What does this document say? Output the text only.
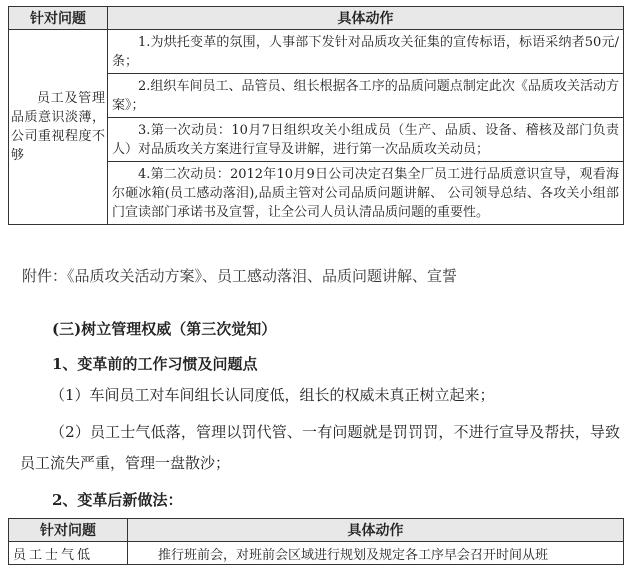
针对问题	具体动作
员工及管理品质意识淡薄，公司重视程度不够	1.为烘托变革的氛围，人事部下发针对品质攻关征集的宣传标语，标语采纳者50元/条；
	2.组织车间员工、品管员、组长根据各工序的品质问题点制定此次《品质攻关活动方案》；
	3.第一次动员：10月7日组织攻关小组成员（生产、品质、设备、稽核及部门负责人）对品质攻关方案进行宣导及讲解，进行第一次品质攻关动员；
	4.第二次动员：2012年10月9日公司决定召集全厂员工进行品质意识宣导，观看海尔砸冰箱(员工感动落泪),品质主管对公司品质问题讲解、 公司领导总结、各攻关小组部门宣读部门承诺书及宣誓，让全公司人员认清品质问题的重要性。

附件：《品质攻关活动方案》、员工感动落泪、品质问题讲解、宣誓

(三)树立管理权威（第三次觉知）

1、变革前的工作习惯及问题点

（1）车间员工对车间组长认同度低，组长的权威未真正树立起来；

（2）员工士气低落，管理以罚代管、一有问题就是罚罚罚，不进行宣导及帮扶，导致员工流失严重，管理一盘散沙；

2、变革后新做法：

针对问题	具体动作
员工士气低	推行班前会，对班前会区域进行规划及规定各工序早会召开时间从班
